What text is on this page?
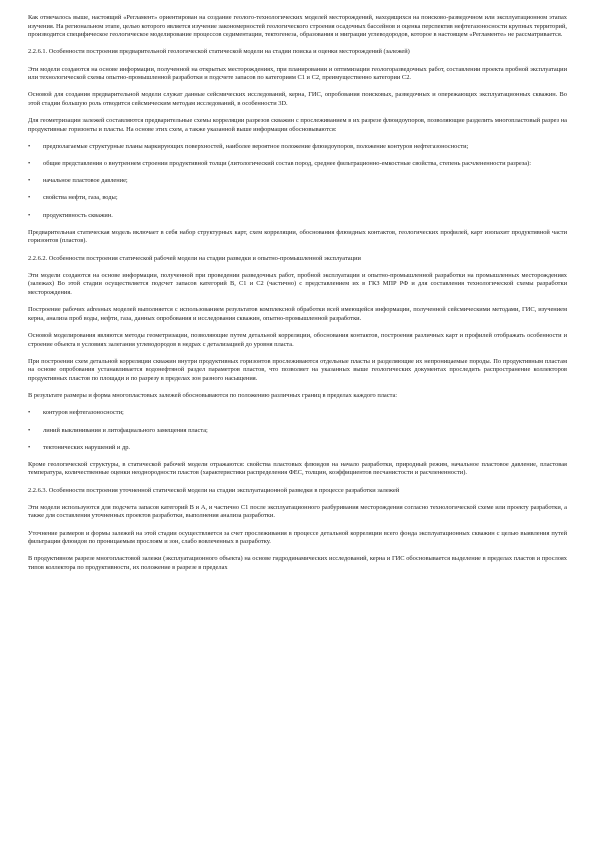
Как отмечалось выше, настоящий «Регламент» ориентирован на создание геолого-технологических моделей месторождений, находящихся на поисково-разведочном или эксплуатационном этапах изучения. На региональном этапе, целью которого является изучение закономерностей геологического строения осадочных бассейнов и оценка перспектив нефтегазоносности крупных территорий, производится специфическое геологическое моделирование процессов седиментации, тектогенеза, образования и миграции углеводородов, которое в настоящем «Регламенте» не рассматривается.

2.2.6.1. Особенности построения предварительной геологической статической модели на стадии поиска и оценки месторождений (залежей)

Эти модели создаются на основе информации, полученной на открытых месторождениях, при планировании и оптимизации геологоразведочных работ, составлении проекта пробной эксплуатации или технологической схемы опытно-промышленной разработки и подсчете запасов по категориям C1 и C2, преимущественно категории C2.

Основой для создания предварительной модели служат данные сейсмических исследований, керна, ГИС, опробования поисковых, разведочных и опережающих эксплуатационных скважин. Во этой стадии большую роль отводится сейсмическим методам исследований, в особенности 3D.

Для геометризации залежей составляются предварительные схемы корреляции разрезов скважин с прослеживанием в их разрезе флюидоупоров, позволяющие разделить многопластовый разрез на продуктивные горизонты и пласты. На основе этих схем, а также указанной выше информации обосновываются:

•	предполагаемые структурные планы маркирующих поверхностей, наиболее вероятное положение флюидоупоров, положение контуров нефтегазоносности;
•	общие представления о внутреннем строении продуктивной толщи (литологический состав пород, среднее фильтрационно-емкостные свойства, степень расчлененности разреза):
•	начальное пластовое давление;
•	свойства нефти, газа, воды;
•	продуктивность скважин.

Предварительная статическая модель включает в себя набор структурных карт, схем корреляции, обоснования флюидных контактов, геологических профилей, карт изопахит продуктивной части горизонтов (пластов).

2.2.6.2. Особенности построения статической рабочей модели на стадии разведки и опытно-промышленной эксплуатации

Эти модели создаются на основе информации, полученной при проведении разведочных работ, пробной эксплуатации и опытно-промышленной разработки на промышленных месторождениях (залежах) Во этой стадии осуществляется подсчет запасов категорий B, C1 и C2 (частично) с представлением их в ГКЗ МПР РФ и для составления технологической схемы разработки месторождения.

Построение рабочих adresных моделей выполняется с использованием результатов комплексной обработки всей имеющейся информации, полученной сейсмическими методами, ГИС, изучением керна, анализа проб воды, нефти, газа, данных опробования и исследования скважин, опытно-промышленной разработки.

Основой моделирования являются методы геометризации, позволяющие путем детальной корреляции, обоснования контактов, построения различных карт и профилей отображать особенности и строение объекта в условиях залегания углеводородов в недрах с детализацией до уровня пласта.

При построении схем детальной корреляции скважин внутри продуктивных горизонтов прослеживаются отдельные пласты и разделяющие их непроницаемые породы. По продуктивным пластам на основе опробования устанавливается водонефтяной раздел параметров пластов, что позволяет на указанных выше геологических документах проследить распространение коллекторов продуктивных пластов по площади и по разрезу в пределах зон разного насыщения.

В результате размеры и форма многопластовых залежей обосновываются по положению различных границ в пределах каждого пласта:

•	контуров нефтегазоносности;
•	линий выклинивания и литофациального замещения пласта;
•	тектонических нарушений и др.

Кроме геологической структуры, в статической рабочей модели отражаются: свойства пластовых флюидов на начало разработки, природный режим, начальное пластовое давление, пластовая температура, количественные оценки неоднородности пластов (характеристики распределения ФЕС, толщин, коэффициентов песчанистости и расчлененности).

2.2.6.3. Особенности построения уточненной статической модели на стадии эксплуатационной разведки в процессе разработки залежей

Эти модели используются для подсчета запасов категорий B и A, и частично C1 после эксплуатационного разбуривания месторождения согласно технологической схеме или проекту разработки, а также для составления уточненных проектов разработки, выполнения анализа разработки.

Уточнение размеров и формы залежей на этой стадии осуществляется за счет прослеживания в процессе детальной корреляции всего фонда эксплуатационных скважин с целью выявления путей фильтрации флюидов по проницаемым прослоям и зон, слабо вовлеченных в разработку.

В продуктивном разрезе многопластовой залежи (эксплуатационного объекта) на основе гидродинамических исследований, керна и ГИС обосновывается выделение в пределах пластов и прослоях типов коллектора по продуктивности, их положение в разрезе в пределах
